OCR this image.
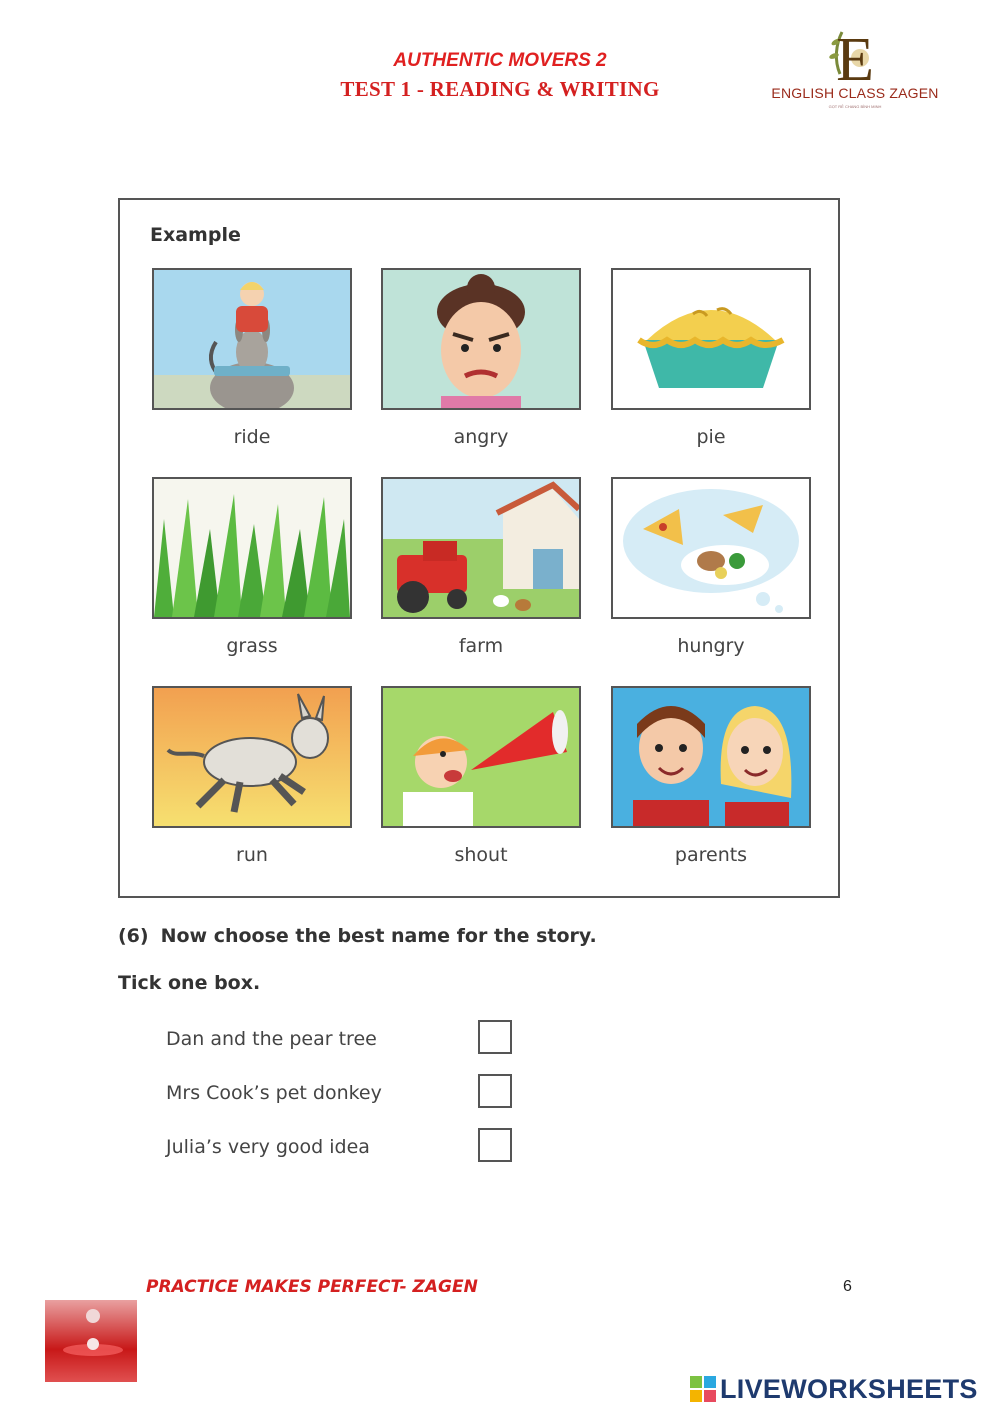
AUTHENTIC MOVERS 2
TEST 1 - READING & WRITING	E
ENGLISH CLASS ZAGEN
GỌT RỄ CHANG BÌNH MINH
Example
ride	angry	pie
grass	farm	hungry
run	shout	parents
(6) Now choose the best name for the story.
Tick one box.
Dan and the pear tree
Mrs Cook’s pet donkey
Julia’s very good idea
PRACTICE MAKES PERFECT- ZAGEN	6
LIVEWORKSHEETS
